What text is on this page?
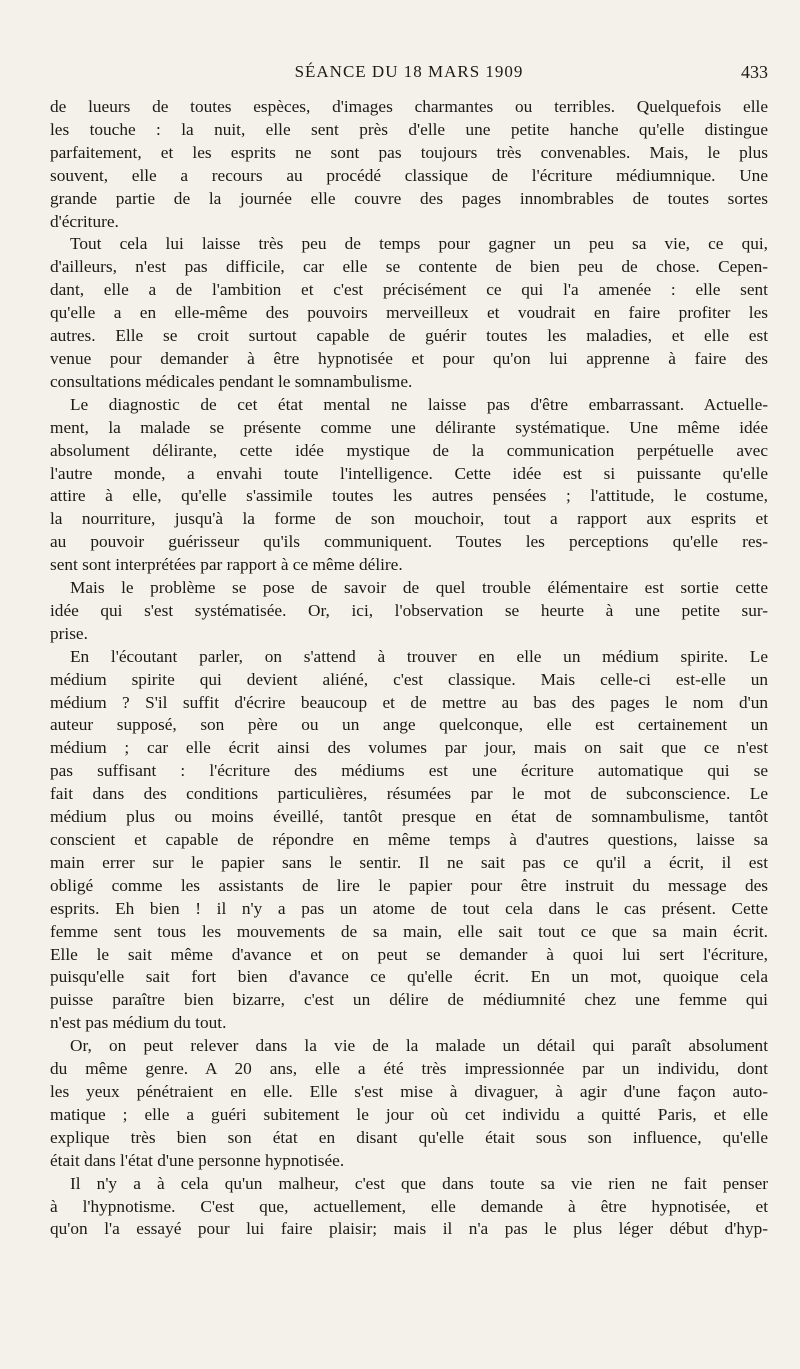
SÉANCE DU 18 MARS 1909	433
de lueurs de toutes espèces, d'images charmantes ou terribles. Quelquefois elle
les touche : la nuit, elle sent près d'elle une petite hanche qu'elle distingue
parfaitement, et les esprits ne sont pas toujours très convenables. Mais, le plus
souvent, elle a recours au procédé classique de l'écriture médiumnique. Une
grande partie de la journée elle couvre des pages innombrables de toutes sortes
d'écriture.
Tout cela lui laisse très peu de temps pour gagner un peu sa vie, ce qui,
d'ailleurs, n'est pas difficile, car elle se contente de bien peu de chose. Cepen-
dant, elle a de l'ambition et c'est précisément ce qui l'a amenée : elle sent
qu'elle a en elle-même des pouvoirs merveilleux et voudrait en faire profiter les
autres. Elle se croit surtout capable de guérir toutes les maladies, et elle est
venue pour demander à être hypnotisée et pour qu'on lui apprenne à faire des
consultations médicales pendant le somnambulisme.
Le diagnostic de cet état mental ne laisse pas d'être embarrassant. Actuelle-
ment, la malade se présente comme une délirante systématique. Une même idée
absolument délirante, cette idée mystique de la communication perpétuelle avec
l'autre monde, a envahi toute l'intelligence. Cette idée est si puissante qu'elle
attire à elle, qu'elle s'assimile toutes les autres pensées ; l'attitude, le costume,
la nourriture, jusqu'à la forme de son mouchoir, tout a rapport aux esprits et
au pouvoir guérisseur qu'ils communiquent. Toutes les perceptions qu'elle res-
sent sont interprétées par rapport à ce même délire.
Mais le problème se pose de savoir de quel trouble élémentaire est sortie cette
idée qui s'est systématisée. Or, ici, l'observation se heurte à une petite sur-
prise.
En l'écoutant parler, on s'attend à trouver en elle un médium spirite. Le
médium spirite qui devient aliéné, c'est classique. Mais celle-ci est-elle un
médium ? S'il suffit d'écrire beaucoup et de mettre au bas des pages le nom d'un
auteur supposé, son père ou un ange quelconque, elle est certainement un
médium ; car elle écrit ainsi des volumes par jour, mais on sait que ce n'est
pas suffisant : l'écriture des médiums est une écriture automatique qui se
fait dans des conditions particulières, résumées par le mot de subconscience. Le
médium plus ou moins éveillé, tantôt presque en état de somnambulisme, tantôt
conscient et capable de répondre en même temps à d'autres questions, laisse sa
main errer sur le papier sans le sentir. Il ne sait pas ce qu'il a écrit, il est
obligé comme les assistants de lire le papier pour être instruit du message des
esprits. Eh bien ! il n'y a pas un atome de tout cela dans le cas présent. Cette
femme sent tous les mouvements de sa main, elle sait tout ce que sa main écrit.
Elle le sait même d'avance et on peut se demander à quoi lui sert l'écriture,
puisqu'elle sait fort bien d'avance ce qu'elle écrit. En un mot, quoique cela
puisse paraître bien bizarre, c'est un délire de médiumnité chez une femme qui
n'est pas médium du tout.
Or, on peut relever dans la vie de la malade un détail qui paraît absolument
du même genre. A 20 ans, elle a été très impressionnée par un individu, dont
les yeux pénétraient en elle. Elle s'est mise à divaguer, à agir d'une façon auto-
matique ; elle a guéri subitement le jour où cet individu a quitté Paris, et elle
explique très bien son état en disant qu'elle était sous son influence, qu'elle
était dans l'état d'une personne hypnotisée.
Il n'y a à cela qu'un malheur, c'est que dans toute sa vie rien ne fait penser
à l'hypnotisme. C'est que, actuellement, elle demande à être hypnotisée, et
qu'on l'a essayé pour lui faire plaisir; mais il n'a pas le plus léger début d'hyp-
